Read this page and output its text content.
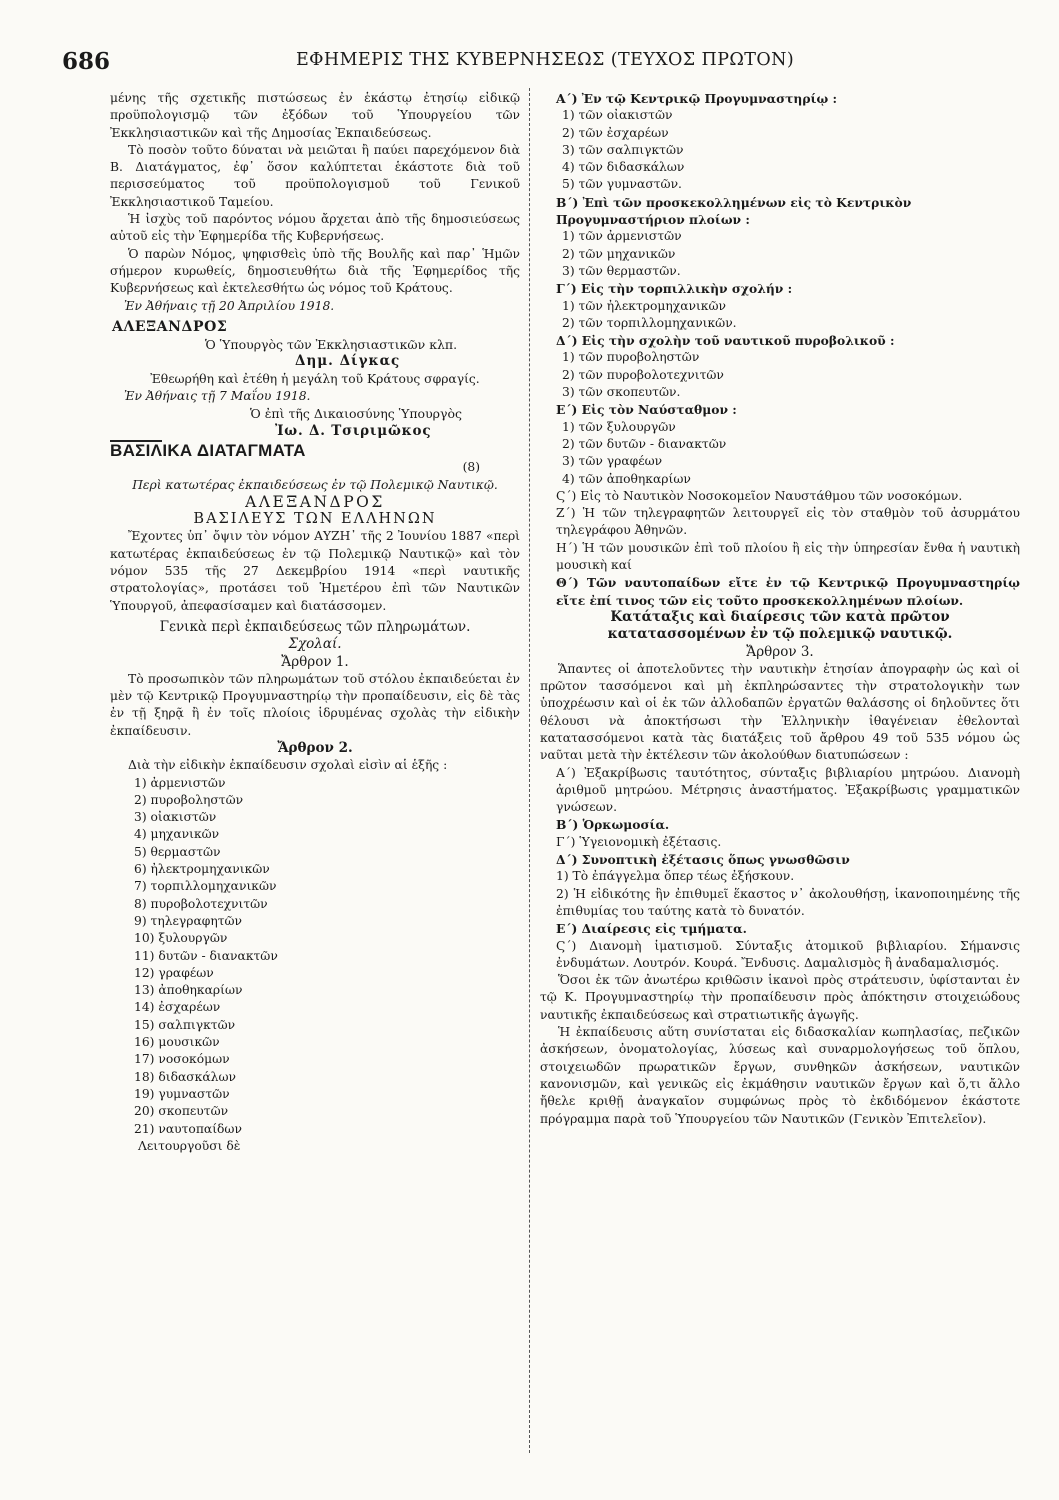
686	ΕΦΗΜΕΡΙΣ ΤΗΣ ΚΥΒΕΡΝΗΣΕΩΣ (ΤΕΥΧΟΣ ΠΡΩΤΟΝ)

μένης τῆς σχετικῆς πιστώσεως ἐν ἑκάστῳ ἐτησίῳ εἰδικῷ προϋπολογισμῷ τῶν ἐξόδων τοῦ Ὑπουργείου τῶν Ἐκκλησιαστικῶν καὶ τῆς Δημοσίας Ἐκπαιδεύσεως.

Τὸ ποσὸν τοῦτο δύναται νὰ μειῶται ἢ παύει παρεχόμενον διὰ Β. Διατάγματος, ἐφ᾽ ὅσον καλύπτεται ἑκάστοτε διὰ τοῦ περισσεύματος τοῦ προϋπολογισμοῦ τοῦ Γενικοῦ Ἐκκλησιαστικοῦ Ταμείου.

Ἡ ἰσχὺς τοῦ παρόντος νόμου ἄρχεται ἀπὸ τῆς δημοσιεύσεως αὐτοῦ εἰς τὴν Ἐφημερίδα τῆς Κυβερνήσεως.

Ὁ παρὼν Νόμος, ψηφισθεὶς ὑπὸ τῆς Βουλῆς καὶ παρ᾽ Ἡμῶν σήμερον κυρωθείς, δημοσιευθήτω διὰ τῆς Ἐφημερίδος τῆς Κυβερνήσεως καὶ ἐκτελεσθήτω ὡς νόμος τοῦ Κράτους.

Ἐν Ἀθήναις τῇ 20 Ἀπριλίου 1918.

ΑΛΕΞΑΝΔΡΟΣ

Ὁ Ὑπουργὸς τῶν Ἐκκλησιαστικῶν κλπ.

Δημ. Δίγκας

Ἐθεωρήθη καὶ ἐτέθη ἡ μεγάλη τοῦ Κράτους σφραγίς.

Ἐν Ἀθήναις τῇ 7 Μαΐου 1918.

Ὁ ἐπὶ τῆς Δικαιοσύνης Ὑπουργὸς

Ἰω. Δ. Τσιριμῶκος

ΒΑΣΙΛΙΚΑ ΔΙΑΤΑΓΜΑΤΑ

(8)

Περὶ κατωτέρας ἐκπαιδεύσεως ἐν τῷ Πολεμικῷ Ναυτικῷ.

ΑΛΕΞΑΝΔΡΟΣ

ΒΑΣΙΛΕΥΣ ΤΩΝ ΕΛΛΗΝΩΝ

Ἔχοντες ὑπ᾽ ὄψιν τὸν νόμον ΑΥΖΗ᾽ τῆς 2 Ἰουνίου 1887 «περὶ κατωτέρας ἐκπαιδεύσεως ἐν τῷ Πολεμικῷ Ναυτικῷ» καὶ τὸν νόμον 535 τῆς 27 Δεκεμβρίου 1914 «περὶ ναυτικῆς στρατολογίας», προτάσει τοῦ Ἡμετέρου ἐπὶ τῶν Ναυτικῶν Ὑπουργοῦ, ἀπεφασίσαμεν καὶ διατάσσομεν.

Γενικὰ περὶ ἐκπαιδεύσεως τῶν πληρωμάτων.

Σχολαί.

Ἄρθρον 1.

Τὸ προσωπικὸν τῶν πληρωμάτων τοῦ στόλου ἐκπαιδεύεται ἐν μὲν τῷ Κεντρικῷ Προγυμναστηρίῳ τὴν προπαίδευσιν, εἰς δὲ τὰς ἐν τῇ ξηρᾷ ἢ ἐν τοῖς πλοίοις ἱδρυμένας σχολὰς τὴν εἰδικὴν ἐκπαίδευσιν.

Ἄρθρον 2.

Διὰ τὴν εἰδικὴν ἐκπαίδευσιν σχολαὶ εἰσὶν αἱ ἑξῆς :

1) ἀρμενιστῶν
2) πυροβοληστῶν
3) οἰακιστῶν
4) μηχανικῶν
5) θερμαστῶν
6) ἠλεκτρομηχανικῶν
7) τορπιλλομηχανικῶν
8) πυροβολοτεχνιτῶν
9) τηλεγραφητῶν
10) ξυλουργῶν
11) δυτῶν - διανακτῶν
12) γραφέων
13) ἀποθηκαρίων
14) ἐσχαρέων
15) σαλπιγκτῶν
16) μουσικῶν
17) νοσοκόμων
18) διδασκάλων
19) γυμναστῶν
20) σκοπευτῶν
21) ναυτοπαίδων

Λειτουργοῦσι δὲ

Α´) Ἐν τῷ Κεντρικῷ Προγυμναστηρίῳ :

1) τῶν οἰακιστῶν
2) τῶν ἐσχαρέων
3) τῶν σαλπιγκτῶν
4) τῶν διδασκάλων
5) τῶν γυμναστῶν.

Β´) Ἐπὶ τῶν προσκεκολλημένων εἰς τὸ Κεντρικὸν Προγυμναστήριον πλοίων :

1) τῶν ἀρμενιστῶν
2) τῶν μηχανικῶν
3) τῶν θερμαστῶν.

Γ´) Εἰς τὴν τορπιλλικὴν σχολήν :

1) τῶν ἠλεκτρομηχανικῶν
2) τῶν τορπιλλομηχανικῶν.

Δ´) Εἰς τὴν σχολὴν τοῦ ναυτικοῦ πυροβολικοῦ :

1) τῶν πυροβοληστῶν
2) τῶν πυροβολοτεχνιτῶν
3) τῶν σκοπευτῶν.

Ε´) Εἰς τὸν Ναύσταθμον :

1) τῶν ξυλουργῶν
2) τῶν δυτῶν - διανακτῶν
3) τῶν γραφέων
4) τῶν ἀποθηκαρίων

Ϛ´) Εἰς τὸ Ναυτικὸν Νοσοκομεῖον Ναυστάθμου τῶν νοσοκόμων.

Ζ´) Ἡ τῶν τηλεγραφητῶν λειτουργεῖ εἰς τὸν σταθμὸν τοῦ ἀσυρμάτου τηλεγράφου Ἀθηνῶν.

Η´) Ἡ τῶν μουσικῶν ἐπὶ τοῦ πλοίου ἢ εἰς τὴν ὑπηρεσίαν ἔνθα ἡ ναυτικὴ μουσικὴ καί

Θ´) Τῶν ναυτοπαίδων εἴτε ἐν τῷ Κεντρικῷ Προγυμναστηρίῳ εἴτε ἐπί τινος τῶν εἰς τοῦτο προσκεκολλημένων πλοίων.

Κατάταξις καὶ διαίρεσις τῶν κατὰ πρῶτον κατατασσομένων ἐν τῷ πολεμικῷ ναυτικῷ.

Ἄρθρον 3.

Ἅπαντες οἱ ἀποτελοῦντες τὴν ναυτικὴν ἐτησίαν ἀπογραφὴν ὡς καὶ οἱ πρῶτον τασσόμενοι καὶ μὴ ἐκπληρώσαντες τὴν στρατολογικὴν των ὑποχρέωσιν καὶ οἱ ἐκ τῶν ἀλλοδαπῶν ἐργατῶν θαλάσσης οἱ δηλοῦντες ὅτι θέλουσι νὰ ἀποκτήσωσι τὴν Ἑλληνικὴν ἰθαγένειαν ἐθελονταὶ κατατασσόμενοι κατὰ τὰς διατάξεις τοῦ ἄρθρου 49 τοῦ 535 νόμου ὡς ναῦται μετὰ τὴν ἐκτέλεσιν τῶν ἀκολούθων διατυπώσεων :

Α´) Ἐξακρίβωσις ταυτότητος, σύνταξις βιβλιαρίου μητρώου. Διανομὴ ἀριθμοῦ μητρώου. Μέτρησις ἀναστήματος. Ἐξακρίβωσις γραμματικῶν γνώσεων.

Β´) Ὁρκωμοσία.

Γ´) Ὑγειονομικὴ ἐξέτασις.

Δ´) Συνοπτικὴ ἐξέτασις ὅπως γνωσθῶσιν

1) Τὸ ἐπάγγελμα ὅπερ τέως ἐξήσκουν.
2) Ἡ εἰδικότης ἣν ἐπιθυμεῖ ἕκαστος ν᾽ ἀκολουθήσῃ, ἱκανοποιημένης τῆς ἐπιθυμίας του ταύτης κατὰ τὸ δυνατόν.

Ε´) Διαίρεσις εἰς τμήματα.

Ϛ´) Διανομὴ ἱματισμοῦ. Σύνταξις ἀτομικοῦ βιβλιαρίου. Σήμανσις ἐνδυμάτων. Λουτρόν. Κουρά. Ἔνδυσις. Δαμαλισμὸς ἢ ἀναδαμαλισμός.

Ὅσοι ἐκ τῶν ἀνωτέρω κριθῶσιν ἱκανοὶ πρὸς στράτευσιν, ὑφίστανται ἐν τῷ Κ. Προγυμναστηρίῳ τὴν προπαίδευσιν πρὸς ἀπόκτησιν στοιχειώδους ναυτικῆς ἐκπαιδεύσεως καὶ στρατιωτικῆς ἀγωγῆς.

Ἡ ἐκπαίδευσις αὕτη συνίσταται εἰς διδασκαλίαν κωπηλασίας, πεζικῶν ἀσκήσεων, ὀνοματολογίας, λύσεως καὶ συναρμολογήσεως τοῦ ὅπλου, στοιχειωδῶν πρωρατικῶν ἔργων, συνθηκῶν ἀσκήσεων, ναυτικῶν κανονισμῶν, καὶ γενικῶς εἰς ἐκμάθησιν ναυτικῶν ἔργων καὶ ὅ,τι ἄλλο ἤθελε κριθῇ ἀναγκαῖον συμφώνως πρὸς τὸ ἐκδιδόμενον ἑκάστοτε πρόγραμμα παρὰ τοῦ Ὑπουργείου τῶν Ναυτικῶν (Γενικὸν Ἐπιτελεῖον).
